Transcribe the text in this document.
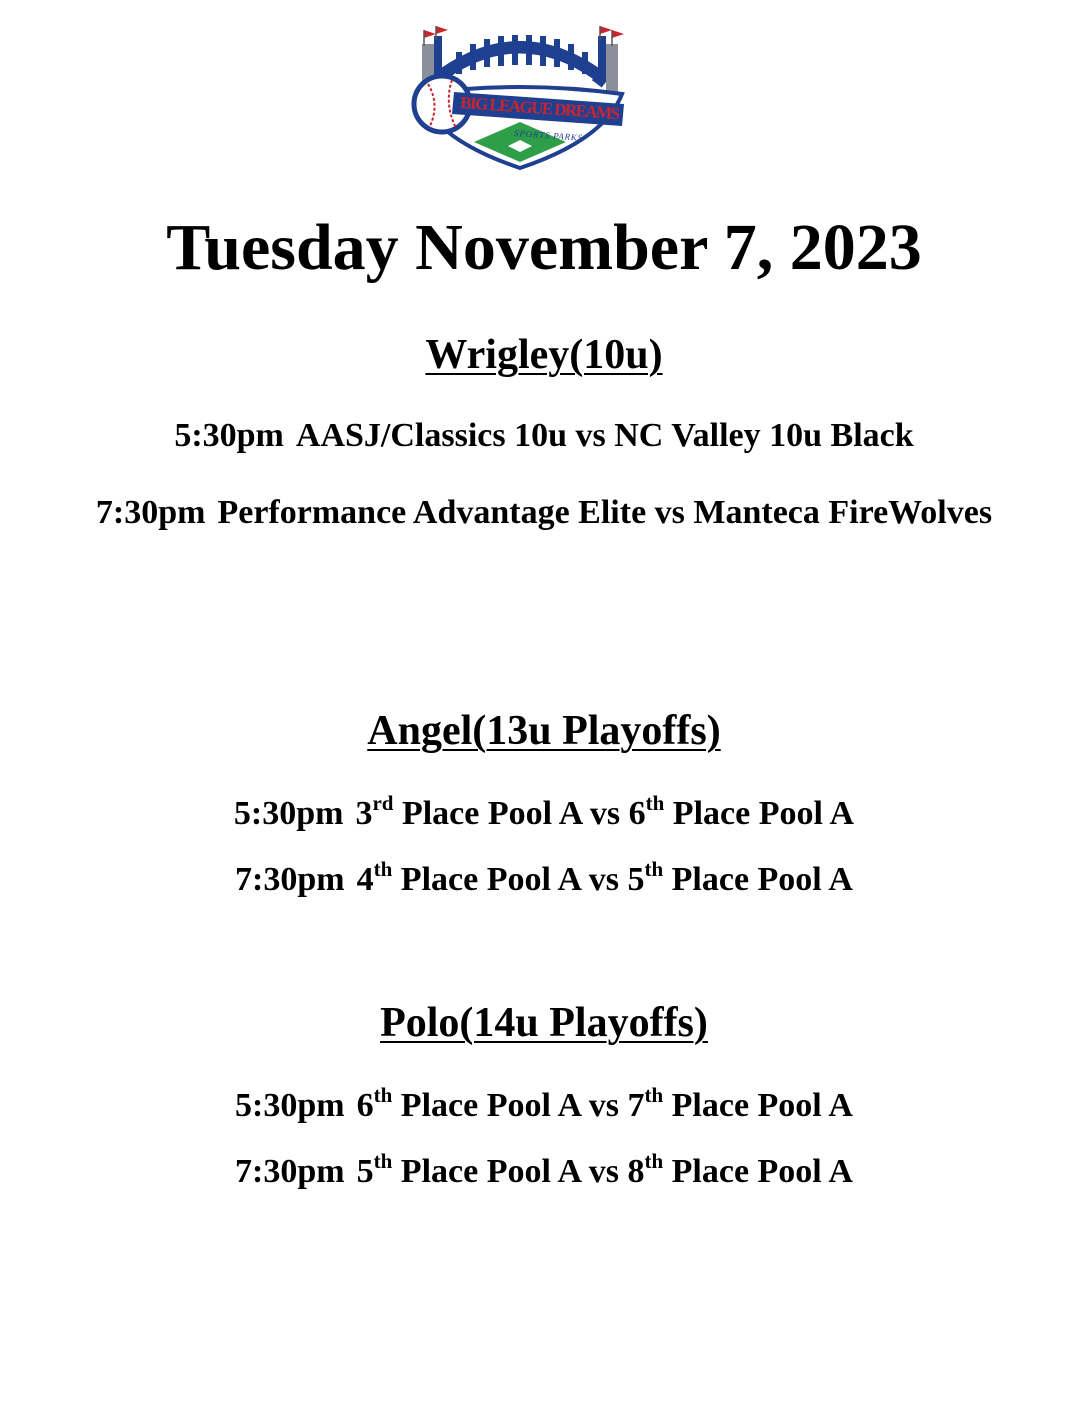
BIG LEAGUE DREAMS
SPORTS PARKS
Tuesday November 7, 2023
Wrigley(10u)
5:30pm AASJ/Classics 10u vs NC Valley 10u Black
7:30pm Performance Advantage Elite vs Manteca FireWolves
Angel(13u Playoffs)
5:30pm 3rd Place Pool A vs 6th Place Pool A
7:30pm 4th Place Pool A vs 5th Place Pool A
Polo(14u Playoffs)
5:30pm 6th Place Pool A vs 7th Place Pool A
7:30pm 5th Place Pool A vs 8th Place Pool A
